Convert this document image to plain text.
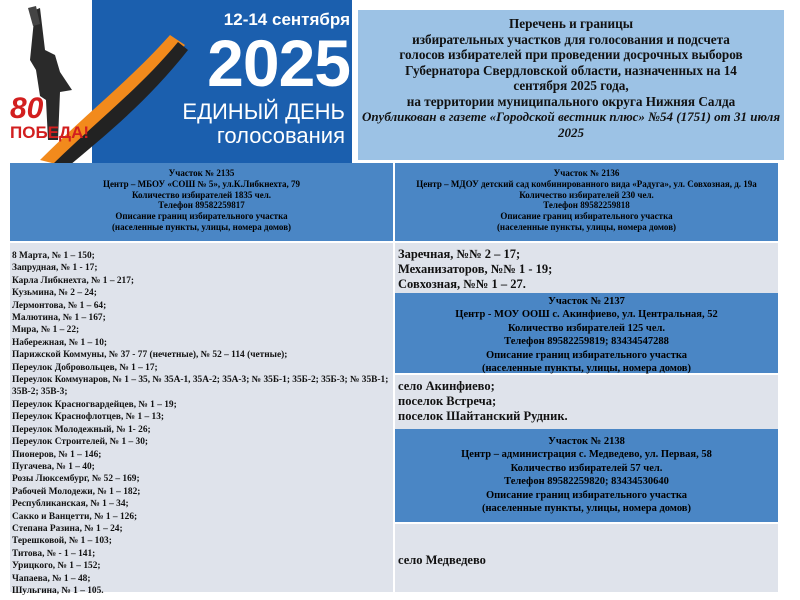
80
ПОБЕДА!
12-14 сентября
2025
ЕДИНЫЙ ДЕНЬ
голосования
Перечень и границы
избирательных участков для голосования и подсчета
голосов избирателей при проведении досрочных выборов
Губернатора Свердловской области, назначенных на 14
сентября 2025 года,
на территории муниципального округа Нижняя Салда
Опубликован в газете «Городской вестник плюс» №54 (1751) от 31 июля 2025
Участок № 2135
Центр – МБОУ «СОШ № 5», ул.К.Либкнехта, 79
Количество избирателей 1835 чел.
Телефон 89582259817
Описание границ избирательного участка
(населенные пункты, улицы, номера домов)
Участок № 2136
Центр – МДОУ детский сад комбинированного вида «Радуга», ул. Совхозная, д. 19а
Количество избирателей 230 чел.
Телефон 89582259818
Описание границ избирательного участка
(населенные пункты, улицы, номера домов)
8 Марта, № 1 – 150;
Запрудная, № 1 - 17;
Карла Либкнехта, № 1 – 217;
Кузьмина, № 2 – 24;
Лермонтова, № 1 – 64;
Малютина, № 1 – 167;
Мира, № 1 – 22;
Набережная, № 1 – 10;
Парижской Коммуны, № 37 - 77 (нечетные), № 52 – 114 (четные);
Переулок Добровольцев, № 1 – 17;
Переулок Коммунаров, № 1 – 35, № 35А-1, 35А-2; 35А-3; № 35Б-1; 35Б-2; 35Б-3; № 35В-1; 35В-2; 35В-3;
Переулок Красногвардейцев, № 1 – 19;
Переулок Краснофлотцев, № 1 – 13;
Переулок Молодежный, № 1- 26;
Переулок Строителей, № 1 – 30;
Пионеров, № 1 – 146;
Пугачева, № 1 – 40;
Розы Люксембург, № 52 – 169;
Рабочей Молодежи, № 1 – 182;
Республиканская, № 1 – 34;
Сакко и Ванцетти, № 1 – 126;
Степана Разина, № 1 – 24;
Терешковой, № 1 – 103;
Титова, № - 1 – 141;
Урицкого, № 1 – 152;
Чапаева, № 1 – 48;
Шульгина, № 1 – 105.
Заречная, №№ 2 – 17;
Механизаторов, №№ 1 - 19;
Совхозная, №№ 1 – 27.
Участок № 2137
Центр - МОУ ООШ с. Акинфиево, ул. Центральная, 52
Количество избирателей 125 чел.
Телефон 89582259819; 83434547288
Описание границ избирательного участка
(населенные пункты, улицы, номера домов)
село Акинфиево;
поселок Встреча;
поселок Шайтанский Рудник.
Участок № 2138
Центр – администрация с. Медведево, ул. Первая, 58
Количество избирателей 57 чел.
Телефон 89582259820; 83434530640
Описание границ избирательного участка
(населенные пункты, улицы, номера домов)
село Медведево
